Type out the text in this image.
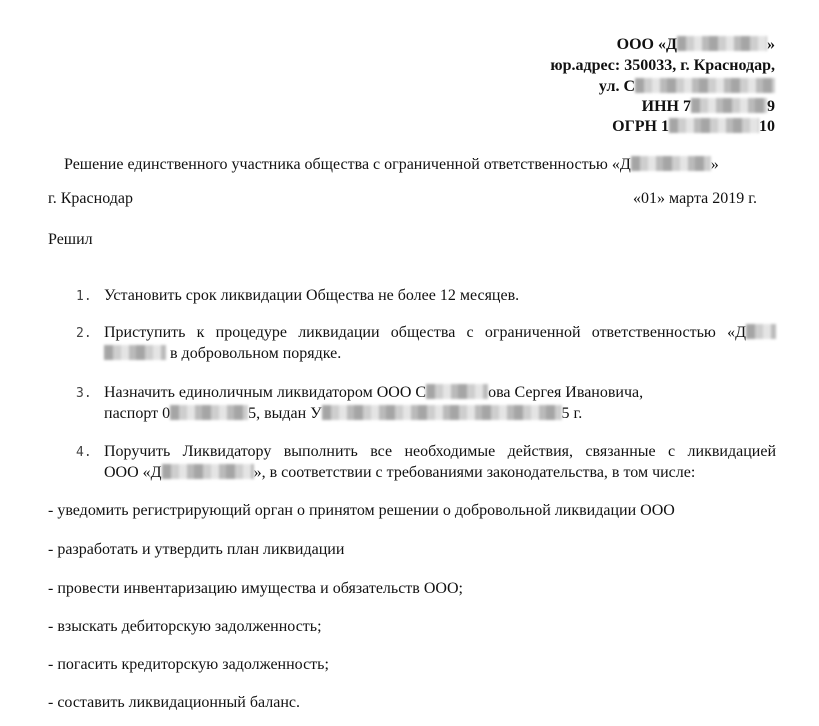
ООО «Д	»
юр.адрес: 350033, г. Краснодар,
ул. С
ИНН 7	9
ОГРН 1	10
Решение единственного участника общества с ограниченной ответственностью «Д	»
г. Краснодар	«01» марта 2019 г.
Решил
1. Установить срок ликвидации Общества не более 12 месяцев.
2. Приступить к процедуре ликвидации общества с ограниченной ответственностью «Д
в добровольном порядке.
3. Назначить единоличным ликвидатором ООО С	ова Сергея Ивановича,
паспорт 0	5, выдан У	5 г.
4. Поручить Ликвидатору выполнить все необходимые действия, связанные с ликвидацией
ООО «Д	», в соответствии с требованиями законодательства, в том числе:
- уведомить регистрирующий орган о принятом решении о добровольной ликвидации ООО
- разработать и утвердить план ликвидации
- провести инвентаризацию имущества и обязательств ООО;
- взыскать дебиторскую задолженность;
- погасить кредиторскую задолженность;
- составить ликвидационный баланс.
